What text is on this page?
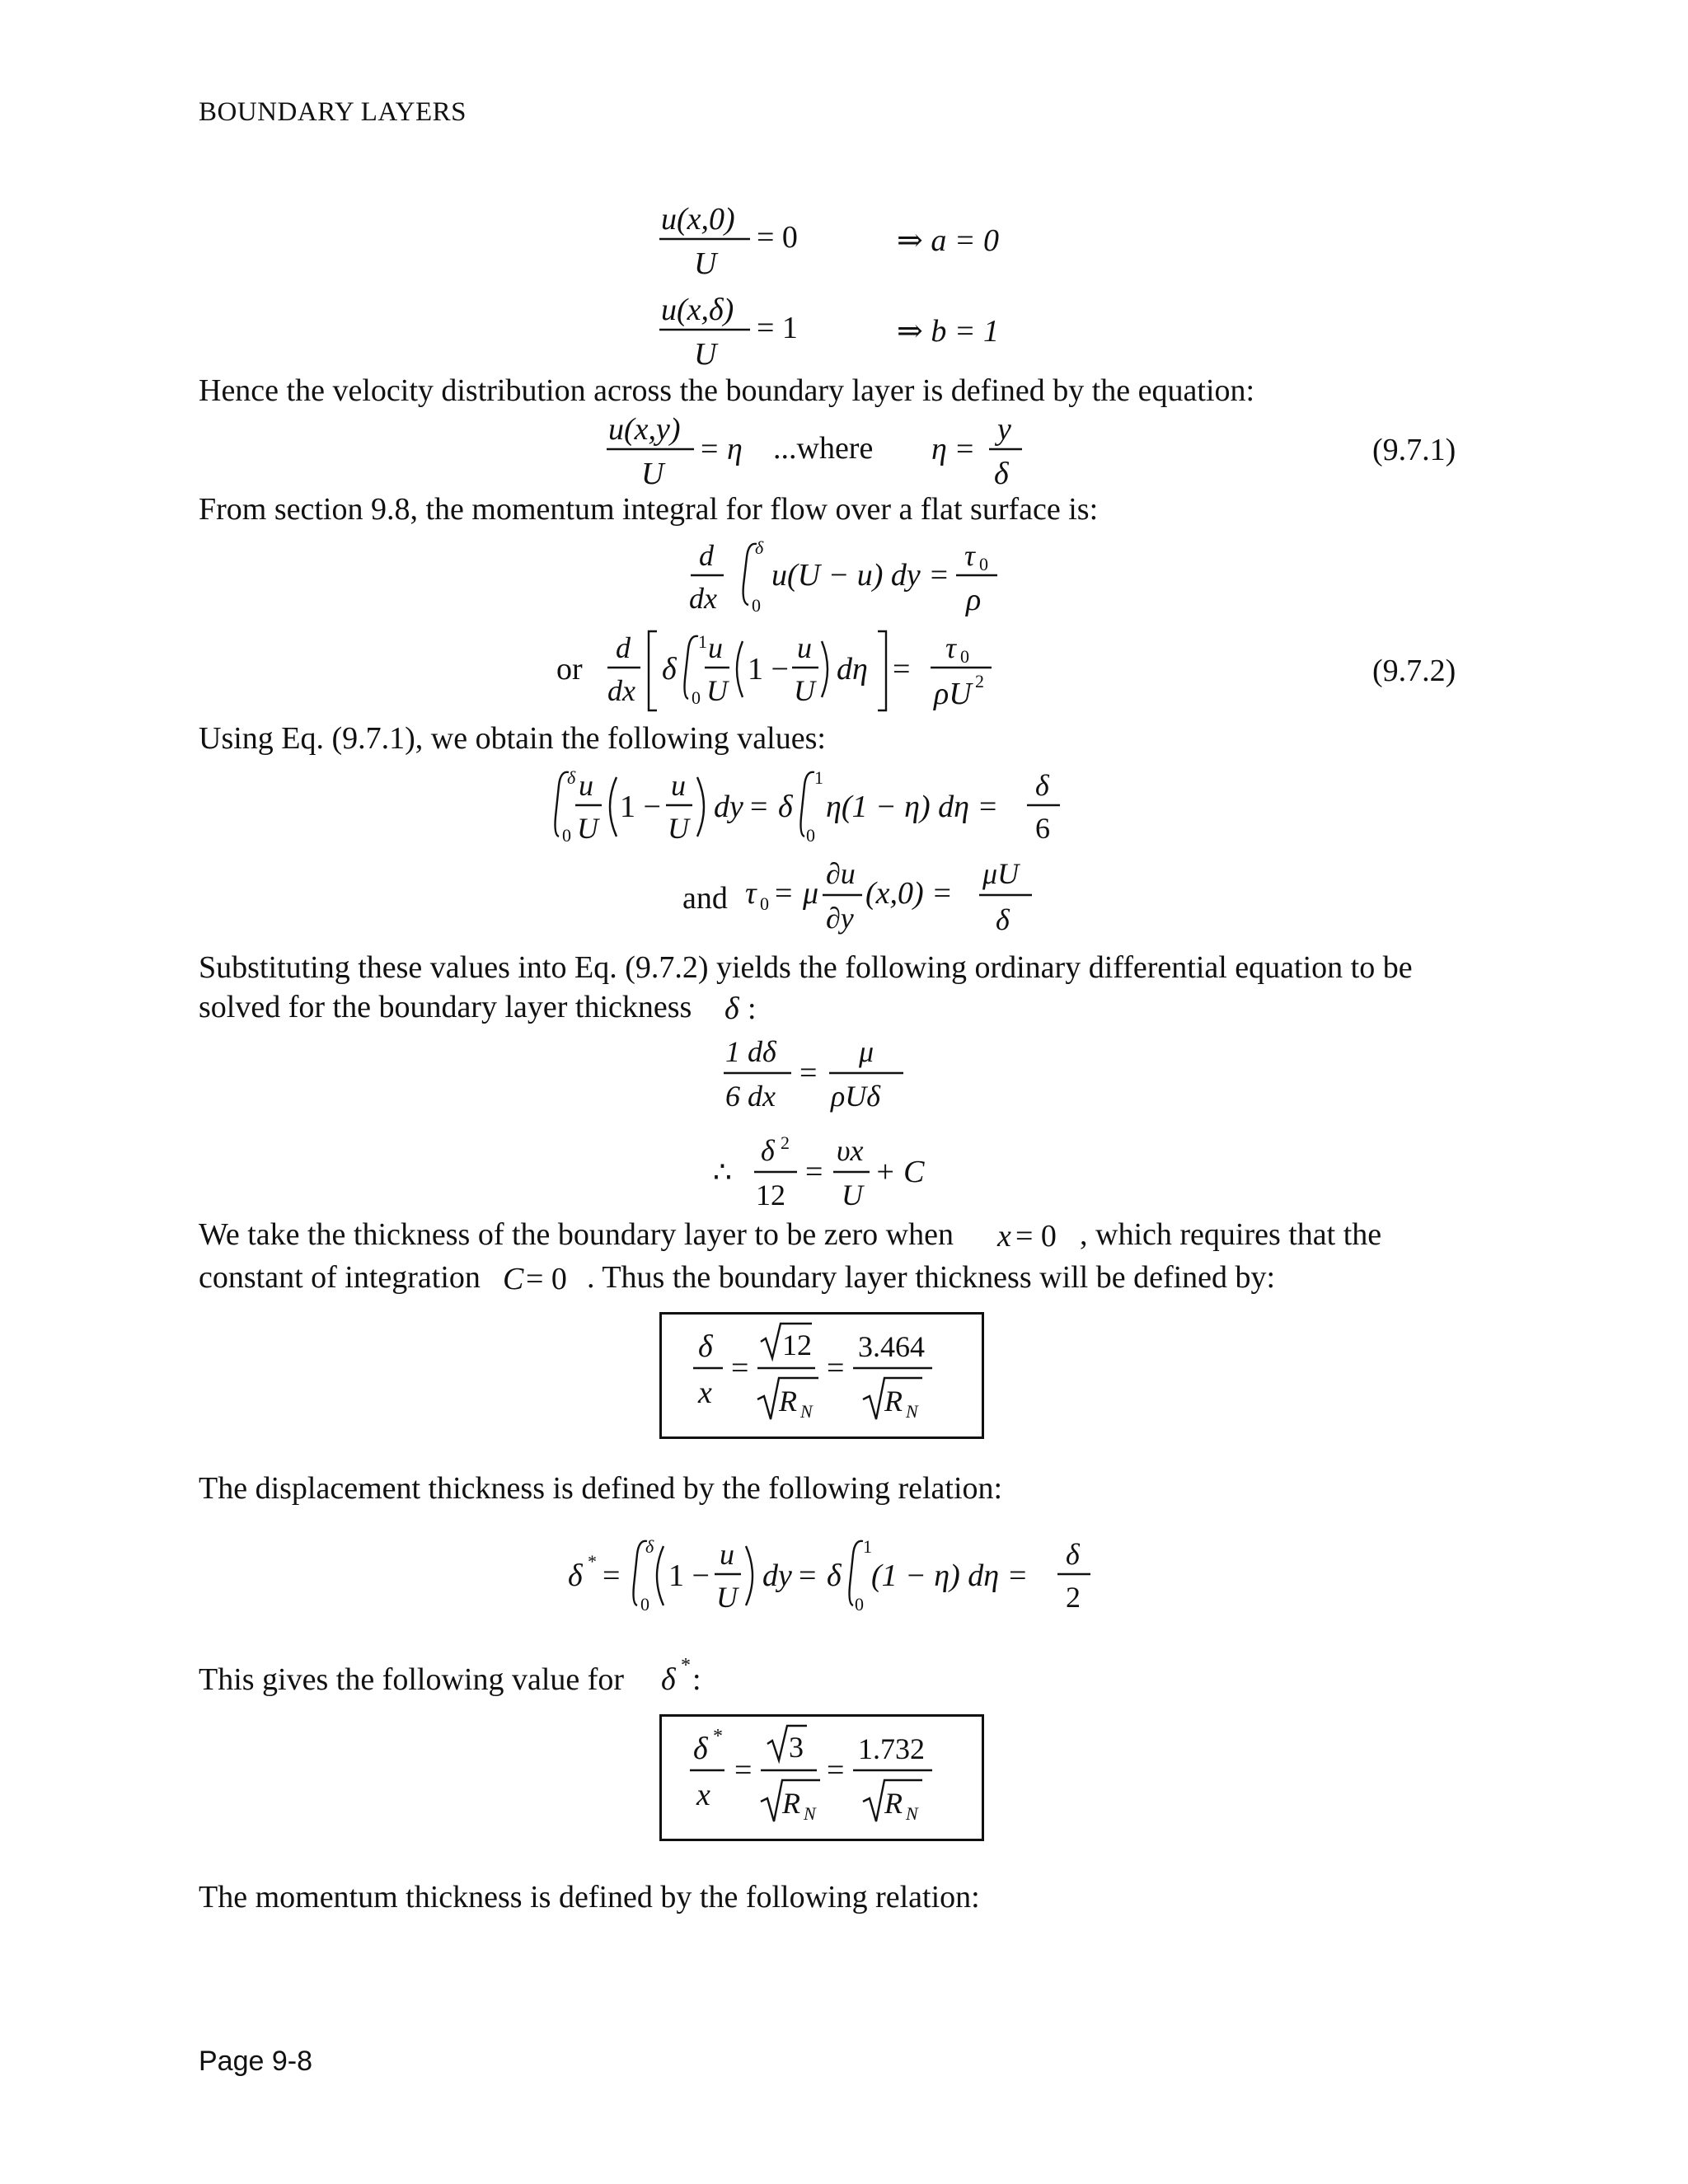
BOUNDARY LAYERS
u(x,0)
U
= 0	⇒ a = 0
u(x,δ)
U
= 1	⇒ b = 1
Hence the velocity distribution across the boundary layer is defined by the equation:
u(x,y)
U
= η	η =
y
δ
...where	(9.7.1)
From section 9.8, the momentum integral for flow over a flat surface is:
d
dx
δ
0
u(U − u) dy =
τ 0
ρ
or
d
dx
δ
1
0
u
U
1 −
u
U
dη =
τ 0
ρU 2	(9.7.2)
Using Eq. (9.7.1), we obtain the following values:
δ
0
u
U
1 −
u
U
dy = δ
1
0
η(1 − η) dη =
δ
6
and τ 0 = μ
∂u
∂y
(x,0) =
μU
δ
Substituting these values into Eq. (9.7.2) yields the following ordinary differential equation to be
solved for the boundary layer thickness δ :
1 dδ
6 dx
=
μ
ρUδ
∴
δ 2
12
=
υx
U
+ C
We take the thickness of the boundary layer to be zero when x = 0 , which requires that the
constant of integration C = 0 . Thus the boundary layer thickness will be defined by:
δ
x
=
12
R N
=
3.464
R N
The displacement thickness is defined by the following relation:
δ * =
δ
0
1 −
u
U
dy = δ
1
0
(1 − η) dη =
δ
2
This gives the following value for δ * :
δ *
x
=
3
R N
=
1.732
R N
The momentum thickness is defined by the following relation:
Page 9-8
